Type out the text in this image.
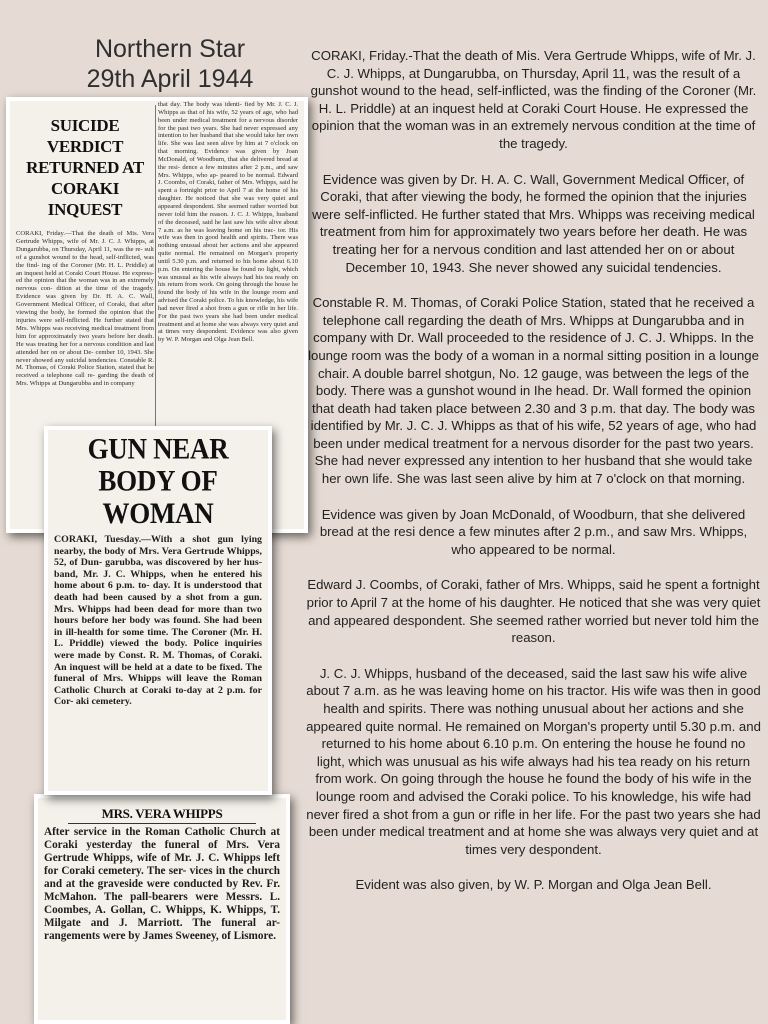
Northern Star
29th April 1944

CORAKI, Friday.-That the death of Mis. Vera Gertrude Whipps, wife of Mr. J. C. J. Whipps, at Dungarubba, on Thursday, April 11, was the result of a gunshot wound to the head, self-inflicted, was the finding of the Coroner (Mr. H. L. Priddle) at an inquest held at Coraki Court House. He expressed the opinion that the woman was in an extremely nervous condition at the time of the tragedy.

Evidence was given by Dr. H. A. C. Wall, Government Medical Officer, of Coraki, that after viewing the body, he formed the opinion that the injuries were self-inflicted. He further stated that Mrs. Whipps was receiving medical treatment from him for approximately two years before her death. He was treating her for a nervous condition and last attended her on or about December 10, 1943. She never showed any suicidal tendencies.

Constable R. M. Thomas, of Coraki Police Station, stated that he received a telephone call regarding the death of Mrs. Whipps at Dungarubba and in company with Dr. Wall proceeded to the residence of J. C. J. Whipps. In the lounge room was the body of a woman in a normal sitting position in a lounge chair. A double barrel shotgun, No. 12 gauge, was between the legs of the body. There was a gunshot wound in Ihe head. Dr. Wall formed the opinion that death had taken place between 2.30 and 3 p.m. that day. The body was identified by Mr. J. C. J. Whipps as that of his wife, 52 years of age, who had been under medical treatment for a nervous disorder for the past two years. She had never expressed any intention to her husband that she would take her own life. She was last seen alive by him at 7 o'clock on that morning.

Evidence was given by Joan McDonald, of Woodburn, that she delivered bread at the resi dence a few minutes after 2 p.m., and saw Mrs. Whipps, who appeared to be normal.

Edward J. Coombs, of Coraki, father of Mrs. Whipps, said he spent a fortnight prior to April 7 at the home of his daughter. He noticed that she was very quiet and appeared despondent. She seemed rather worried but never told him the reason.

J. C. J. Whipps, husband of the deceased, said the last saw his wife alive about 7 a.m. as he was leaving home on his tractor. His wife was then in good health and spirits. There was nothing unusual about her actions and she appeared quite normal. He remained on Morgan's property until 5.30 p.m. and returned to his home about 6.10 p.m. On entering the house he found no light, which was unusual as his wife always had his tea ready on his return from work. On going through the house he found the body of his wife in the lounge room and advised the Coraki police. To his knowledge, his wife had never fired a shot from a gun or rifle in her life. For the past two years she had been under medical treatment and at home she was always very quiet and at times very despondent.

Evident was also given, by W. P. Morgan and Olga Jean Bell.

SUICIDE VERDICT RETURNED AT CORAKI INQUEST

CORAKI, Friday.—That the death of Mis. Vera Gertrude Whipps, wife of Mr. J. C. J. Whipps, at Dungarubba, on Thursday, April 11, was the re- sult of a gunshot wound to the head, self-inflicted, was the find- ing of the Coroner (Mr. H. L. Priddle) at an inquest held at Coraki Court House. He express- ed the opinion that the woman was in an extremely nervous con- dition at the time of the tragedy. Evidence was given by Dr. H. A. C. Wall, Government Medical Officer, of Coraki, that after viewing the body, he formed the opinion that the injuries were self-inflicted. He further stated that Mrs. Whipps was receiving medical treatment from him for approximately two years before her death. He was treating her for a nervous condition and last attended her on or about De- cember 10, 1943. She never showed any suicidal tendencies. Constable R. M. Thomas, of Coraki Police Station, stated that he received a telephone call re- garding the death of Mrs. Whipps at Dungarubba and in company

that day. The body was identi- fied by Mr. J. C. J. Whipps as that of his wife, 52 years of age, who had been under medical treatment for a nervous disorder for the past two years. She had never expressed any intention to her husband that she would take her own life. She was last seen alive by him at 7 o'clock on that morning. Evidence was given by Joan McDonald, of Woodburn, that she delivered bread at the resi- dence a few minutes after 2 p.m., and saw Mrs. Whipps, who ap- peared to be normal. Edward J. Coombs, of Coraki, father of Mrs. Whipps, said he spent a fortnight prior to April 7 at the home of his daughter. He noticed that she was very quiet and appeared despondent. She seemed rather worried but never told him the reason. J. C. J. Whipps, husband of the deceased, said he last saw his wife alive about 7 a.m. as he was leaving home on his trac- tor. His wife was then in good health and spirits. There was nothing unusual about her actions and she appeared quite normal. He remained on Morgan's property until 5.30 p.m. and returned to his home about 6.10 p.m. On entering the house he found no light, which was unusual as his wife always had his tea ready on his return from work. On going through the house he found the body of his wife in the lounge room and advised the Coraki police. To his knowledge, his wife had never fired a shot from a gun or rifle in her life. For the past two years she had been under medical treatment and at home she was always very quiet and at times very despondent. Evidence was also given by W. P. Morgan and Olga Jean Bell.

MRS. VERA WHIPPS
After service in the Roman Catholic Church at Coraki yesterday the funeral of Mrs. Vera Gertrude Whipps, wife of Mr. J. C. Whipps left for Coraki cemetery. The ser- vices in the church and at the graveside were conducted by Rev. Fr. McMahon. The pall-bearers were Messrs. L. Coombes, A. Gollan, C. Whipps, K. Whipps, T. Milgate and J. Marriott. The funeral ar- rangements were by James Sweeney, of Lismore.
GUN NEAR BODY OF WOMAN
CORAKI, Tuesday.—With a shot gun lying nearby, the body of Mrs. Vera Gertrude Whipps, 52, of Dun- garubba, was discovered by her hus- band, Mr. J. C. Whipps, when he entered his home about 6 p.m. to- day. It is understood that death had been caused by a shot from a gun. Mrs. Whipps had been dead for more than two hours before her body was found. She had been in ill-health for some time. The Coroner (Mr. H. L. Priddle) viewed the body. Police inquiries were made by Const. R. M. Thomas, of Coraki. An inquest will be held at a date to be fixed. The funeral of Mrs. Whipps will leave the Roman Catholic Church at Coraki to-day at 2 p.m. for Cor- aki cemetery.
